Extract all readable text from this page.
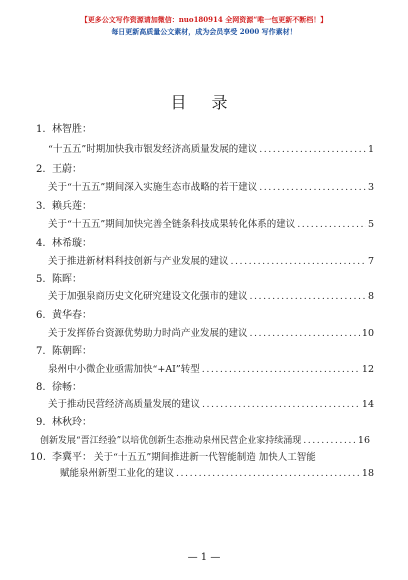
【更多公文写作资源请加微信：nuo180914 全网资源“唯一包更新不断档！】
每日更新高质量公文素材，成为会员享受 2000 写作素材！
目 录
1. 林智胜：
“十五五”时期加快我市银发经济高质量发展的建议 .....	1
2. 王蔚：
关于“十五五”期间深入实施生态市战略的若干建议 .....	3
3. 赖兵莲：
关于“十五五”期间加快完善全链条科技成果转化体系的建议 .....	5
4. 林希璇：
关于推进新材料科技创新与产业发展的建议 .....	7
5. 陈晖：
关于加强泉商历史文化研究建设文化强市的建议 .....	8
6. 黄华春：
关于发挥侨台资源优势助力时尚产业发展的建议 .....	10
7. 陈朝晖：
泉州中小微企业亟需加快“+AI”转型 .....	12
8. 徐畅：
关于推动民营经济高质量发展的建议 .....	14
9. 林秋玲：
创新发展“晋江经验”以培优创新生态推动泉州民营企业家持续涌现 .....	16
10. 李冀平： 关于“十五五”期间推进新一代智能制造 加快人工智能
赋能泉州新型工业化的建议 .....	18
— 1 —
